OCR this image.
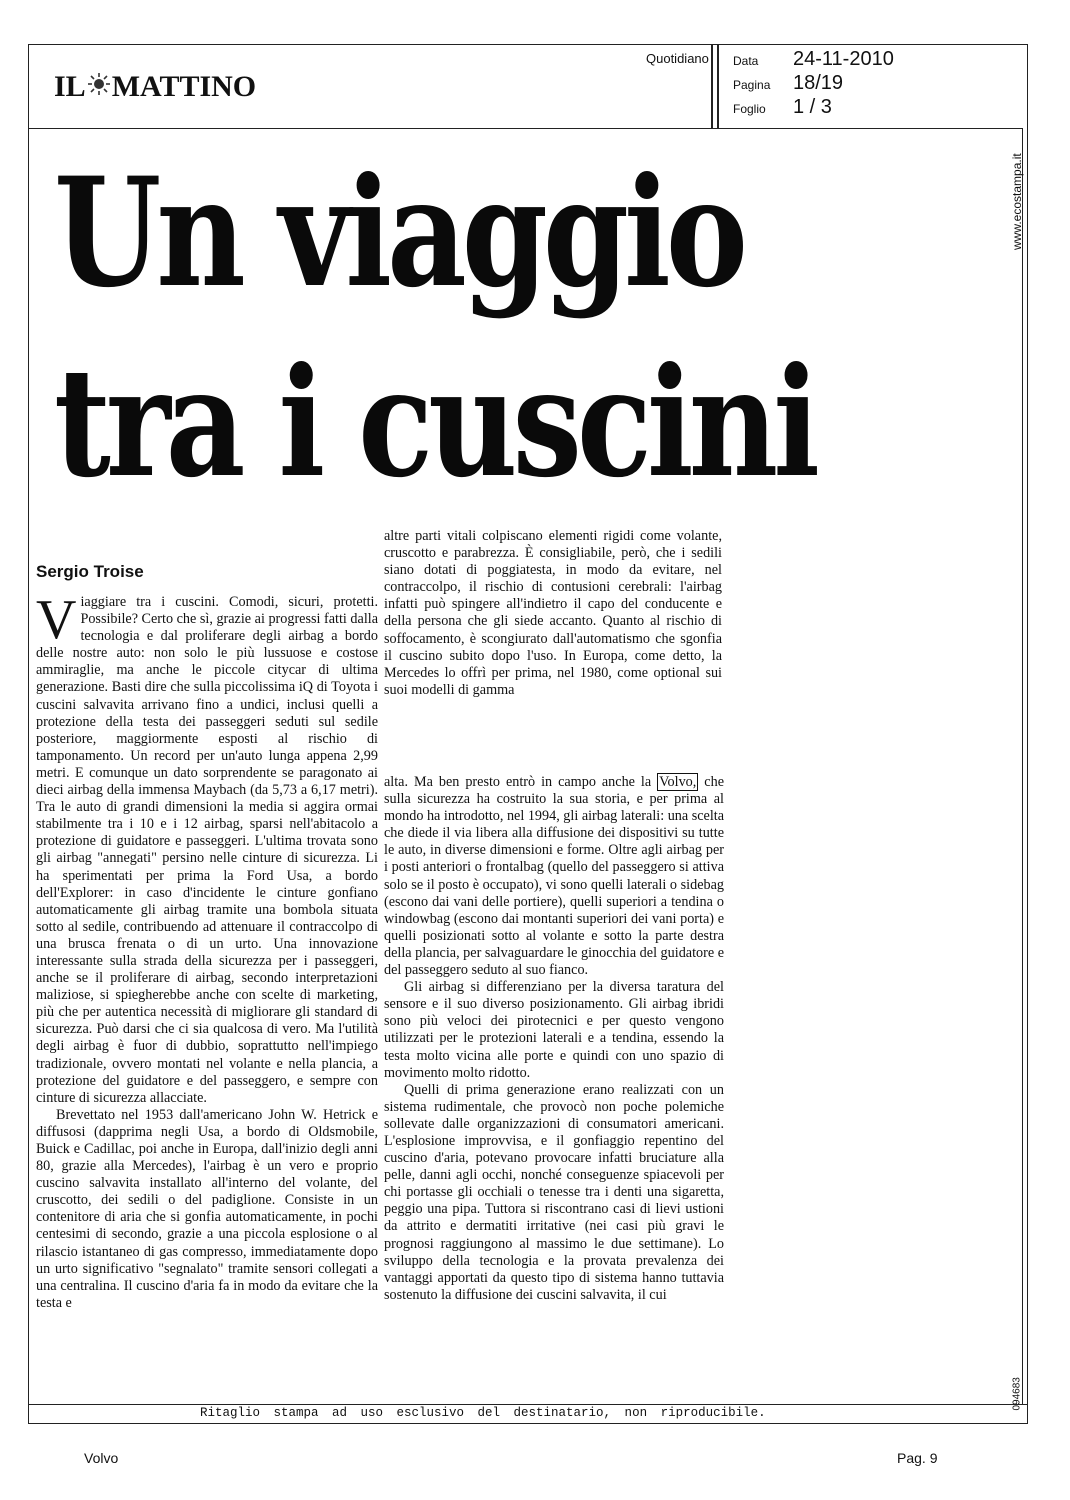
IL MATTINO
Quotidiano Data 24-11-2010
Pagina 18/19
Foglio 1 / 3
www.ecostampa.it
094683
Un viaggio
tra i cuscini
Sergio Troise

Viaggiare tra i cuscini. Comodi, sicuri, protetti. Possibile? Certo che sì, grazie ai progressi fatti dalla tecnologia e dal proliferare degli airbag a bordo delle nostre auto: non solo le più lussuose e costose ammiraglie, ma anche le piccole citycar di ultima generazione. Basti dire che sulla piccolissima iQ di Toyota i cuscini salvavita arrivano fino a undici, inclusi quelli a protezione della testa dei passeggeri seduti sul sedile posteriore, maggiormente esposti al rischio di tamponamento. Un record per un'auto lunga appena 2,99 metri. E comunque un dato sorprendente se paragonato ai dieci airbag della immensa Maybach (da 5,73 a 6,17 metri). Tra le auto di grandi dimensioni la media si aggira ormai stabilmente tra i 10 e i 12 airbag, sparsi nell'abitacolo a protezione di guidatore e passeggeri. L'ultima trovata sono gli airbag "annegati" persino nelle cinture di sicurezza. Li ha sperimentati per prima la Ford Usa, a bordo dell'Explorer: in caso d'incidente le cinture gonfiano automaticamente gli airbag tramite una bombola situata sotto al sedile, contribuendo ad attenuare il contraccolpo di una brusca frenata o di un urto. Una innovazione interessante sulla strada della sicurezza per i passeggeri, anche se il proliferare di airbag, secondo interpretazioni maliziose, si spiegherebbe anche con scelte di marketing, più che per autentica necessità di migliorare gli standard di sicurezza. Può darsi che ci sia qualcosa di vero. Ma l'utilità degli airbag è fuor di dubbio, soprattutto nell'impiego tradizionale, ovvero montati nel volante e nella plancia, a protezione del guidatore e del passeggero, e sempre con cinture di sicurezza allacciate.

Brevettato nel 1953 dall'americano John W. Hetrick e diffusosi (dapprima negli Usa, a bordo di Oldsmobile, Buick e Cadillac, poi anche in Europa, dall'inizio degli anni 80, grazie alla Mercedes), l'airbag è un vero e proprio cuscino salvavita installato all'interno del volante, del cruscotto, dei sedili o del padiglione. Consiste in un contenitore di aria che si gonfia automaticamente, in pochi centesimi di secondo, grazie a una piccola esplosione o al rilascio istantaneo di gas compresso, immediatamente dopo un urto significativo "segnalato" tramite sensori collegati a una centralina. Il cuscino d'aria fa in modo da evitare che la testa e

altre parti vitali colpiscano elementi rigidi come volante, cruscotto e parabrezza. È consigliabile, però, che i sedili siano dotati di poggiatesta, in modo da evitare, nel contraccolpo, il rischio di contusioni cerebrali: l'airbag infatti può spingere all'indietro il capo del conducente e della persona che gli siede accanto. Quanto al rischio di soffocamento, è scongiurato dall'automatismo che sgonfia il cuscino subito dopo l'uso. In Europa, come detto, la Mercedes lo offrì per prima, nel 1980, come optional sui suoi modelli di gamma

alta. Ma ben presto entrò in campo anche la Volvo, che sulla sicurezza ha costruito la sua storia, e per prima al mondo ha introdotto, nel 1994, gli airbag laterali: una scelta che diede il via libera alla diffusione dei dispositivi su tutte le auto, in diverse dimensioni e forme. Oltre agli airbag per i posti anteriori o frontalbag (quello del passeggero si attiva solo se il posto è occupato), vi sono quelli laterali o sidebag (escono dai vani delle portiere), quelli superiori a tendina o windowbag (escono dai montanti superiori dei vani porta) e quelli posizionati sotto al volante e sotto la parte destra della plancia, per salvaguardare le ginocchia del guidatore e del passeggero seduto al suo fianco.

Gli airbag si differenziano per la diversa taratura del sensore e il suo diverso posizionamento. Gli airbag ibridi sono più veloci dei pirotecnici e per questo vengono utilizzati per le protezioni laterali e a tendina, essendo la testa molto vicina alle porte e quindi con uno spazio di movimento molto ridotto.

Quelli di prima generazione erano realizzati con un sistema rudimentale, che provocò non poche polemiche sollevate dalle organizzazioni di consumatori americani. L'esplosione improvvisa, e il gonfiaggio repentino del cuscino d'aria, potevano provocare infatti bruciature alla pelle, danni agli occhi, nonché conseguenze spiacevoli per chi portasse gli occhiali o tenesse tra i denti una sigaretta, peggio una pipa. Tuttora si riscontrano casi di lievi ustioni da attrito e dermatiti irritative (nei casi più gravi le prognosi raggiungono al massimo le due settimane). Lo sviluppo della tecnologia e la provata prevalenza dei vantaggi apportati da questo tipo di sistema hanno tuttavia sostenuto la diffusione dei cuscini salvavita, il cui

Ritaglio stampa ad uso esclusivo del destinatario, non riproducibile.
Volvo	Pag. 9
